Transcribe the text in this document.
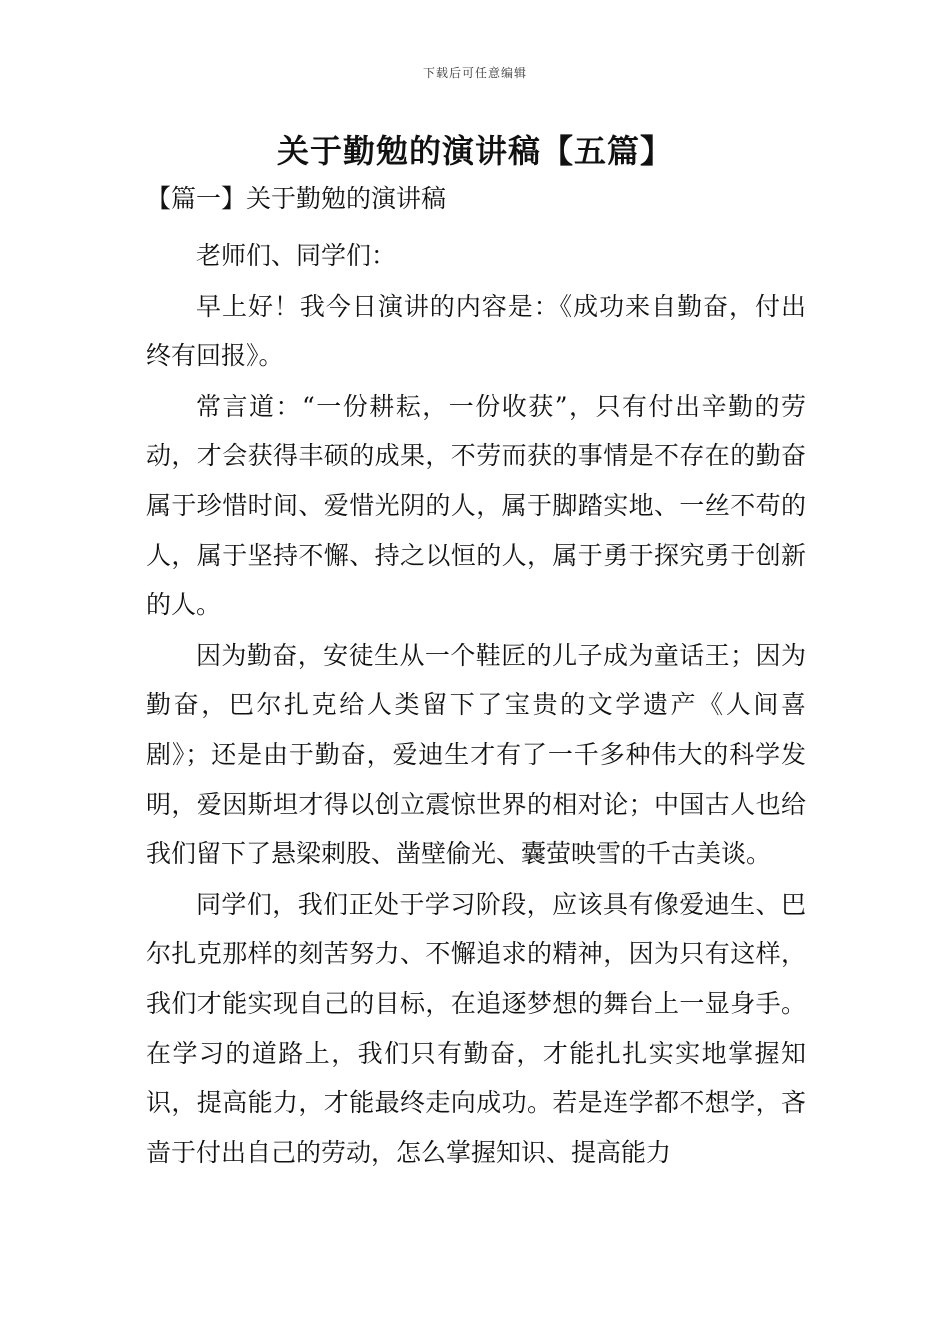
下载后可任意编辑
关于勤勉的演讲稿【五篇】
【篇一】关于勤勉的演讲稿

老师们、同学们：

早上好！我今日演讲的内容是：《成功来自勤奋，付出终有回报》。

常言道：“一份耕耘，一份收获”，只有付出辛勤的劳动，才会获得丰硕的成果，不劳而获的事情是不存在的勤奋属于珍惜时间、爱惜光阴的人，属于脚踏实地、一丝不苟的人，属于坚持不懈、持之以恒的人，属于勇于探究勇于创新的人。

因为勤奋，安徒生从一个鞋匠的儿子成为童话王；因为勤奋，巴尔扎克给人类留下了宝贵的文学遗产《人间喜剧》；还是由于勤奋，爱迪生才有了一千多种伟大的科学发明，爱因斯坦才得以创立震惊世界的相对论；中国古人也给我们留下了悬梁刺股、凿壁偷光、囊萤映雪的千古美谈。

同学们，我们正处于学习阶段，应该具有像爱迪生、巴尔扎克那样的刻苦努力、不懈追求的精神，因为只有这样，我们才能实现自己的目标，在追逐梦想的舞台上一显身手。在学习的道路上，我们只有勤奋，才能扎扎实实地掌握知识，提高能力，才能最终走向成功。若是连学都不想学，吝啬于付出自己的劳动，怎么掌握知识、提高能力
